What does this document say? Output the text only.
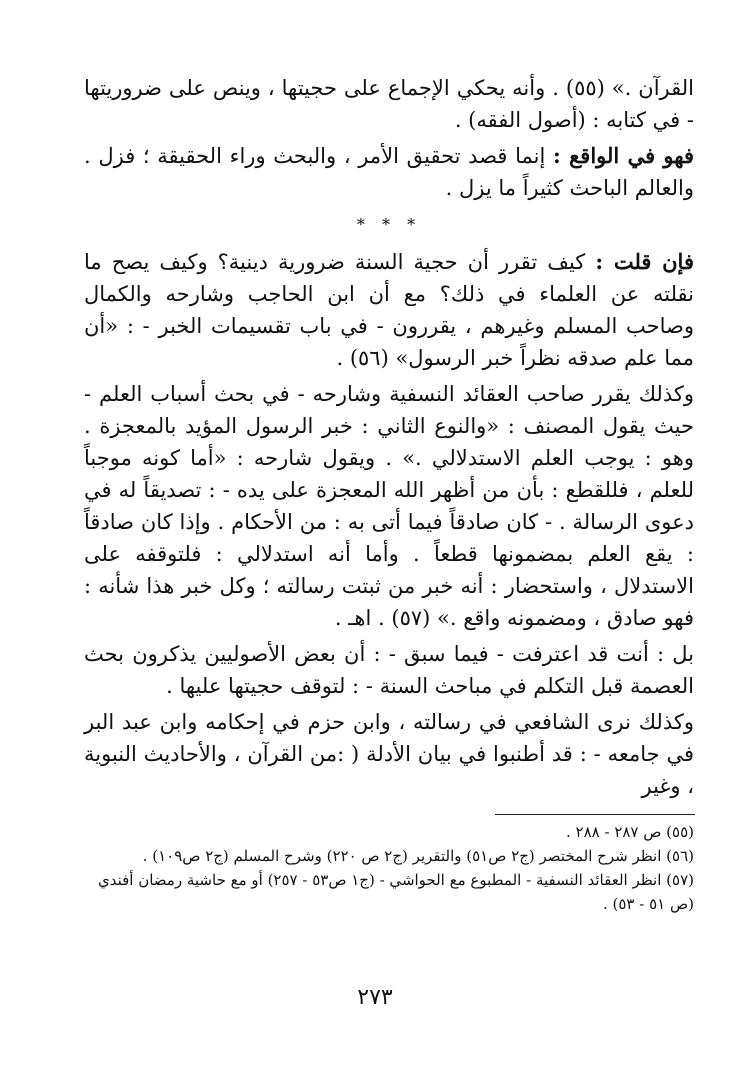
القرآن .» (٥٥) . وأنه يحكي الإجماع على حجيتها ، وينص على ضروريتها - في كتابه : (أصول الفقه) .

فهو في الواقع : إنما قصد تحقيق الأمر ، والبحث وراء الحقيقة ؛ فزل . والعالم الباحث كثيراً ما يزل .

* * *

فإن قلت : كيف تقرر أن حجية السنة ضرورية دينية؟ وكيف يصح ما نقلته عن العلماء في ذلك؟ مع أن ابن الحاجب وشارحه والكمال وصاحب المسلم وغيرهم ، يقررون - في باب تقسيمات الخبر - : «أن مما علم صدقه نظراً خبر الرسول» (٥٦) .

وكذلك يقرر صاحب العقائد النسفية وشارحه - في بحث أسباب العلم - حيث يقول المصنف : «والنوع الثاني : خبر الرسول المؤيد بالمعجزة . وهو : يوجب العلم الاستدلالي .» . ويقول شارحه : «أما كونه موجباً للعلم ، فللقطع : بأن من أظهر الله المعجزة على يده - : تصديقاً له في دعوى الرسالة . - كان صادقاً فيما أتى به : من الأحكام . وإذا كان صادقاً : يقع العلم بمضمونها قطعاً . وأما أنه استدلالي : فلتوقفه على الاستدلال ، واستحضار : أنه خبر من ثبتت رسالته ؛ وكل خبر هذا شأنه : فهو صادق ، ومضمونه واقع .» (٥٧) . اهـ .

بل : أنت قد اعترفت - فيما سبق - : أن بعض الأصوليين يذكرون بحث العصمة قبل التكلم في مباحث السنة - : لتوقف حجيتها عليها .

وكذلك نرى الشافعي في رسالته ، وابن حزم في إحكامه وابن عبد البر في جامعه - : قد أطنبوا في بيان الأدلة ( :من القرآن ، والأحاديث النبوية ، وغير

(٥٥) ص ٢٨٧ - ٢٨٨ .

(٥٦) انظر شرح المختصر (ج٢ ص٥١) والتقرير (ج٢ ص ٢٢٠) وشرح المسلم (ج٢ ص١٠٩) .

(٥٧) انظر العقائد النسفية - المطبوع مع الحواشي - (ج١ ص٥٣ - ٢٥٧) أو مع حاشية رمضان أفندي (ص ٥١ - ٥٣) .

٢٧٣
